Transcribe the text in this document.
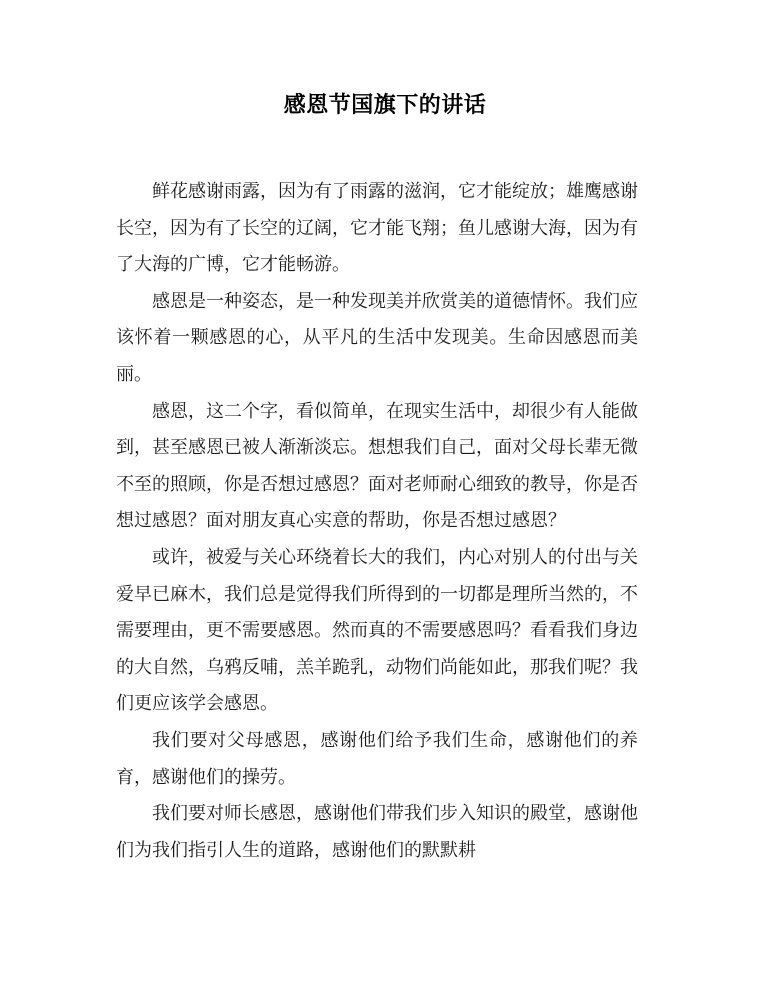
感恩节国旗下的讲话

鲜花感谢雨露，因为有了雨露的滋润，它才能绽放；雄鹰感谢长空，因为有了长空的辽阔，它才能飞翔；鱼儿感谢大海，因为有了大海的广博，它才能畅游。

感恩是一种姿态，是一种发现美并欣赏美的道德情怀。我们应该怀着一颗感恩的心，从平凡的生活中发现美。生命因感恩而美丽。

感恩，这二个字，看似简单，在现实生活中，却很少有人能做到，甚至感恩已被人渐渐淡忘。想想我们自己，面对父母长辈无微不至的照顾，你是否想过感恩？面对老师耐心细致的教导，你是否想过感恩？面对朋友真心实意的帮助，你是否想过感恩？

或许，被爱与关心环绕着长大的我们，内心对别人的付出与关爱早已麻木，我们总是觉得我们所得到的一切都是理所当然的，不需要理由，更不需要感恩。然而真的不需要感恩吗？看看我们身边的大自然，乌鸦反哺，羔羊跪乳，动物们尚能如此，那我们呢？我们更应该学会感恩。

我们要对父母感恩，感谢他们给予我们生命，感谢他们的养育，感谢他们的操劳。

我们要对师长感恩，感谢他们带我们步入知识的殿堂，感谢他们为我们指引人生的道路，感谢他们的默默耕
